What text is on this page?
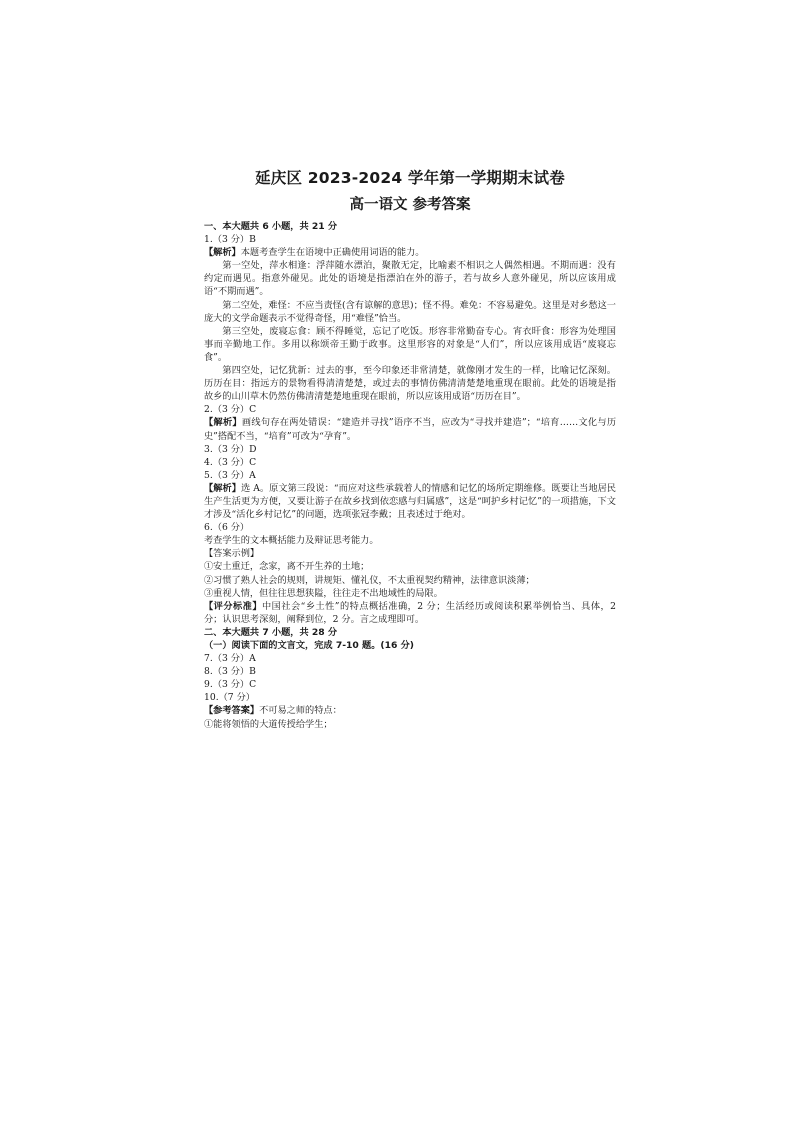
延庆区 2023-2024 学年第一学期期末试卷
高一语文 参考答案

一、本大题共 6 小题，共 21 分

1.（3 分）B

【解析】本题考查学生在语境中正确使用词语的能力。

第一空处，萍水相逢：浮萍随水漂泊，聚散无定，比喻素不相识之人偶然相遇。不期而遇：没有约定而遇见。指意外碰见。此处的语境是指漂泊在外的游子，若与故乡人意外碰见，所以应该用成语“不期而遇”。

第二空处，难怪：不应当责怪(含有谅解的意思)；怪不得。难免：不容易避免。这里是对乡愁这一庞大的文学命题表示不觉得奇怪，用“难怪”恰当。

第三空处，废寝忘食：顾不得睡觉，忘记了吃饭。形容非常勤奋专心。宵衣旰食：形容为处理国事而辛勤地工作。多用以称颂帝王勤于政事。这里形容的对象是“人们”，所以应该用成语“废寝忘食”。

第四空处，记忆犹新：过去的事，至今印象还非常清楚，就像刚才发生的一样，比喻记忆深刻。历历在目：指远方的景物看得清清楚楚，或过去的事情仿佛清清楚楚地重现在眼前。此处的语境是指故乡的山川草木仍然仿佛清清楚楚地重现在眼前，所以应该用成语“历历在目”。

2.（3 分）C

【解析】画线句存在两处错误：“建造并寻找”语序不当，应改为“寻找并建造”；“培育……文化与历史”搭配不当，“培育”可改为“孕育”。

3.（3 分）D

4.（3 分）C

5.（3 分）A

【解析】选 A。原文第三段说：“而应对这些承载着人的情感和记忆的场所定期维修。既要让当地居民生产生活更为方便，又要让游子在故乡找到依恋感与归属感”，这是“呵护乡村记忆”的一项措施，下文才涉及“活化乡村记忆”的问题，选项张冠李戴；且表述过于绝对。

6.（6 分）

考查学生的文本概括能力及辩证思考能力。

【答案示例】

①安土重迁，念家，离不开生养的土地；

②习惯了熟人社会的规则，讲规矩、懂礼仪，不太重视契约精神，法律意识淡薄；

③重视人情，但往往思想狭隘，往往走不出地域性的局限。

【评分标准】中国社会“乡土性”的特点概括准确，2 分；生活经历或阅读积累举例恰当、具体，2 分；认识思考深刻，阐释到位，2 分。言之成理即可。

二、本大题共 7 小题，共 28 分

（一）阅读下面的文言文，完成 7-10 题。(16 分)

7.（3 分）A

8.（3 分）B

9.（3 分）C

10.（7 分）

【参考答案】不可易之师的特点：

①能将领悟的大道传授给学生；
